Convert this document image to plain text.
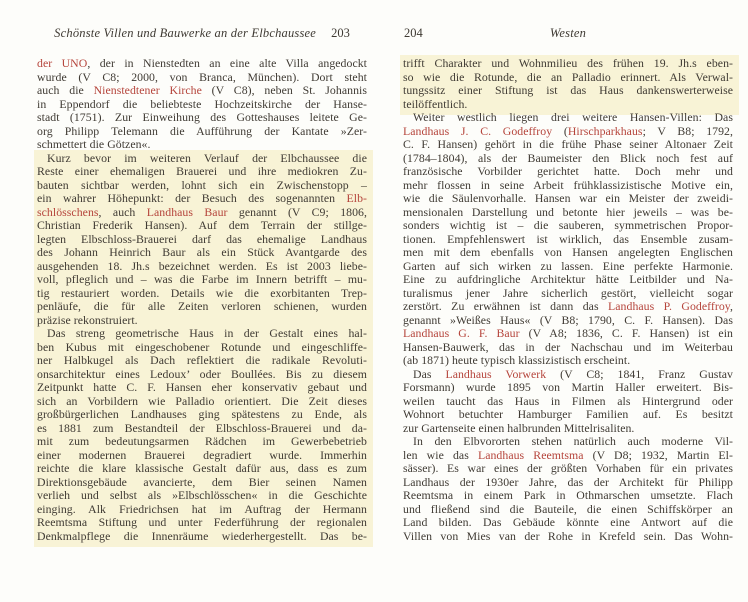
Schönste Villen und Bauwerke an der Elbchaussee 203
der UNO, der in Nienstedten an eine alte Villa angedockt
wurde (V C8; 2000, von Branca, München). Dort steht
auch die Nienstedtener Kirche (V C8), neben St. Johannis
in Eppendorf die beliebteste Hochzeitskirche der Hanse-
stadt (1751). Zur Einweihung des Gotteshauses leitete Ge-
org Philipp Telemann die Aufführung der Kantate »Zer-
schmettert die Götzen«.
Kurz bevor im weiteren Verlauf der Elbchaussee die
Reste einer ehemaligen Brauerei und ihre mediokren Zu-
bauten sichtbar werden, lohnt sich ein Zwischenstopp –
ein wahrer Höhepunkt: der Besuch des sogenannten Elb-
schlösschens, auch Landhaus Baur genannt (V C9; 1806,
Christian Frederik Hansen). Auf dem Terrain der stillge-
legten Elbschloss-Brauerei darf das ehemalige Landhaus
des Johann Heinrich Baur als ein Stück Avantgarde des
ausgehenden 18. Jh.s bezeichnet werden. Es ist 2003 liebe-
voll, pfleglich und – was die Farbe im Innern betrifft – mu-
tig restauriert worden. Details wie die exorbitanten Trep-
penläufe, die für alle Zeiten verloren schienen, wurden
präzise rekonstruiert.
Das streng geometrische Haus in der Gestalt eines hal-
ben Kubus mit eingeschobener Rotunde und eingeschliffe-
ner Halbkugel als Dach reflektiert die radikale Revoluti-
onsarchitektur eines Ledoux’ oder Boullées. Bis zu diesem
Zeitpunkt hatte C. F. Hansen eher konservativ gebaut und
sich an Vorbildern wie Palladio orientiert. Die Zeit dieses
großbürgerlichen Landhauses ging spätestens zu Ende, als
es 1881 zum Bestandteil der Elbschloss-Brauerei und da-
mit zum bedeutungsarmen Rädchen im Gewerbebetrieb
einer modernen Brauerei degradiert wurde. Immerhin
reichte die klare klassische Gestalt dafür aus, dass es zum
Direktionsgebäude avancierte, dem Bier seinen Namen
verlieh und selbst als »Elbschlösschen« in die Geschichte
einging. Alk Friedrichsen hat im Auftrag der Hermann
Reemtsma Stiftung und unter Federführung der regionalen
Denkmalpflege die Innenräume wiederhergestellt. Das be-
204	Westen
trifft Charakter und Wohnmilieu des frühen 19. Jh.s eben-
so wie die Rotunde, die an Palladio erinnert. Als Verwal-
tungssitz einer Stiftung ist das Haus dankenswerterweise
teilöffentlich.
Weiter westlich liegen drei weitere Hansen-Villen: Das
Landhaus J. C. Godeffroy (Hirschparkhaus; V B8; 1792,
C. F. Hansen) gehört in die frühe Phase seiner Altonaer Zeit
(1784–1804), als der Baumeister den Blick noch fest auf
französische Vorbilder gerichtet hatte. Doch mehr und
mehr flossen in seine Arbeit frühklassizistische Motive ein,
wie die Säulenvorhalle. Hansen war ein Meister der zweidi-
mensionalen Darstellung und betonte hier jeweils – was be-
sonders wichtig ist – die sauberen, symmetrischen Propor-
tionen. Empfehlenswert ist wirklich, das Ensemble zusam-
men mit dem ebenfalls von Hansen angelegten Englischen
Garten auf sich wirken zu lassen. Eine perfekte Harmonie.
Eine zu aufdringliche Architektur hätte Leitbilder und Na-
turalismus jener Jahre sicherlich gestört, vielleicht sogar
zerstört. Zu erwähnen ist dann das Landhaus P. Godeffroy,
genannt »Weißes Haus« (V B8; 1790, C. F. Hansen). Das
Landhaus G. F. Baur (V A8; 1836, C. F. Hansen) ist ein
Hansen-Bauwerk, das in der Nachschau und im Weiterbau
(ab 1871) heute typisch klassizistisch erscheint.
Das Landhaus Vorwerk (V C8; 1841, Franz Gustav
Forsmann) wurde 1895 von Martin Haller erweitert. Bis-
weilen taucht das Haus in Filmen als Hintergrund oder
Wohnort betuchter Hamburger Familien auf. Es besitzt
zur Gartenseite einen halbrunden Mittelrisaliten.
In den Elbvororten stehen natürlich auch moderne Vil-
len wie das Landhaus Reemtsma (V D8; 1932, Martin El-
sässer). Es war eines der größten Vorhaben für ein privates
Landhaus der 1930er Jahre, das der Architekt für Philipp
Reemtsma in einem Park in Othmarschen umsetzte. Flach
und fließend sind die Bauteile, die einen Schiffskörper an
Land bilden. Das Gebäude könnte eine Antwort auf die
Villen von Mies van der Rohe in Krefeld sein. Das Wohn-
